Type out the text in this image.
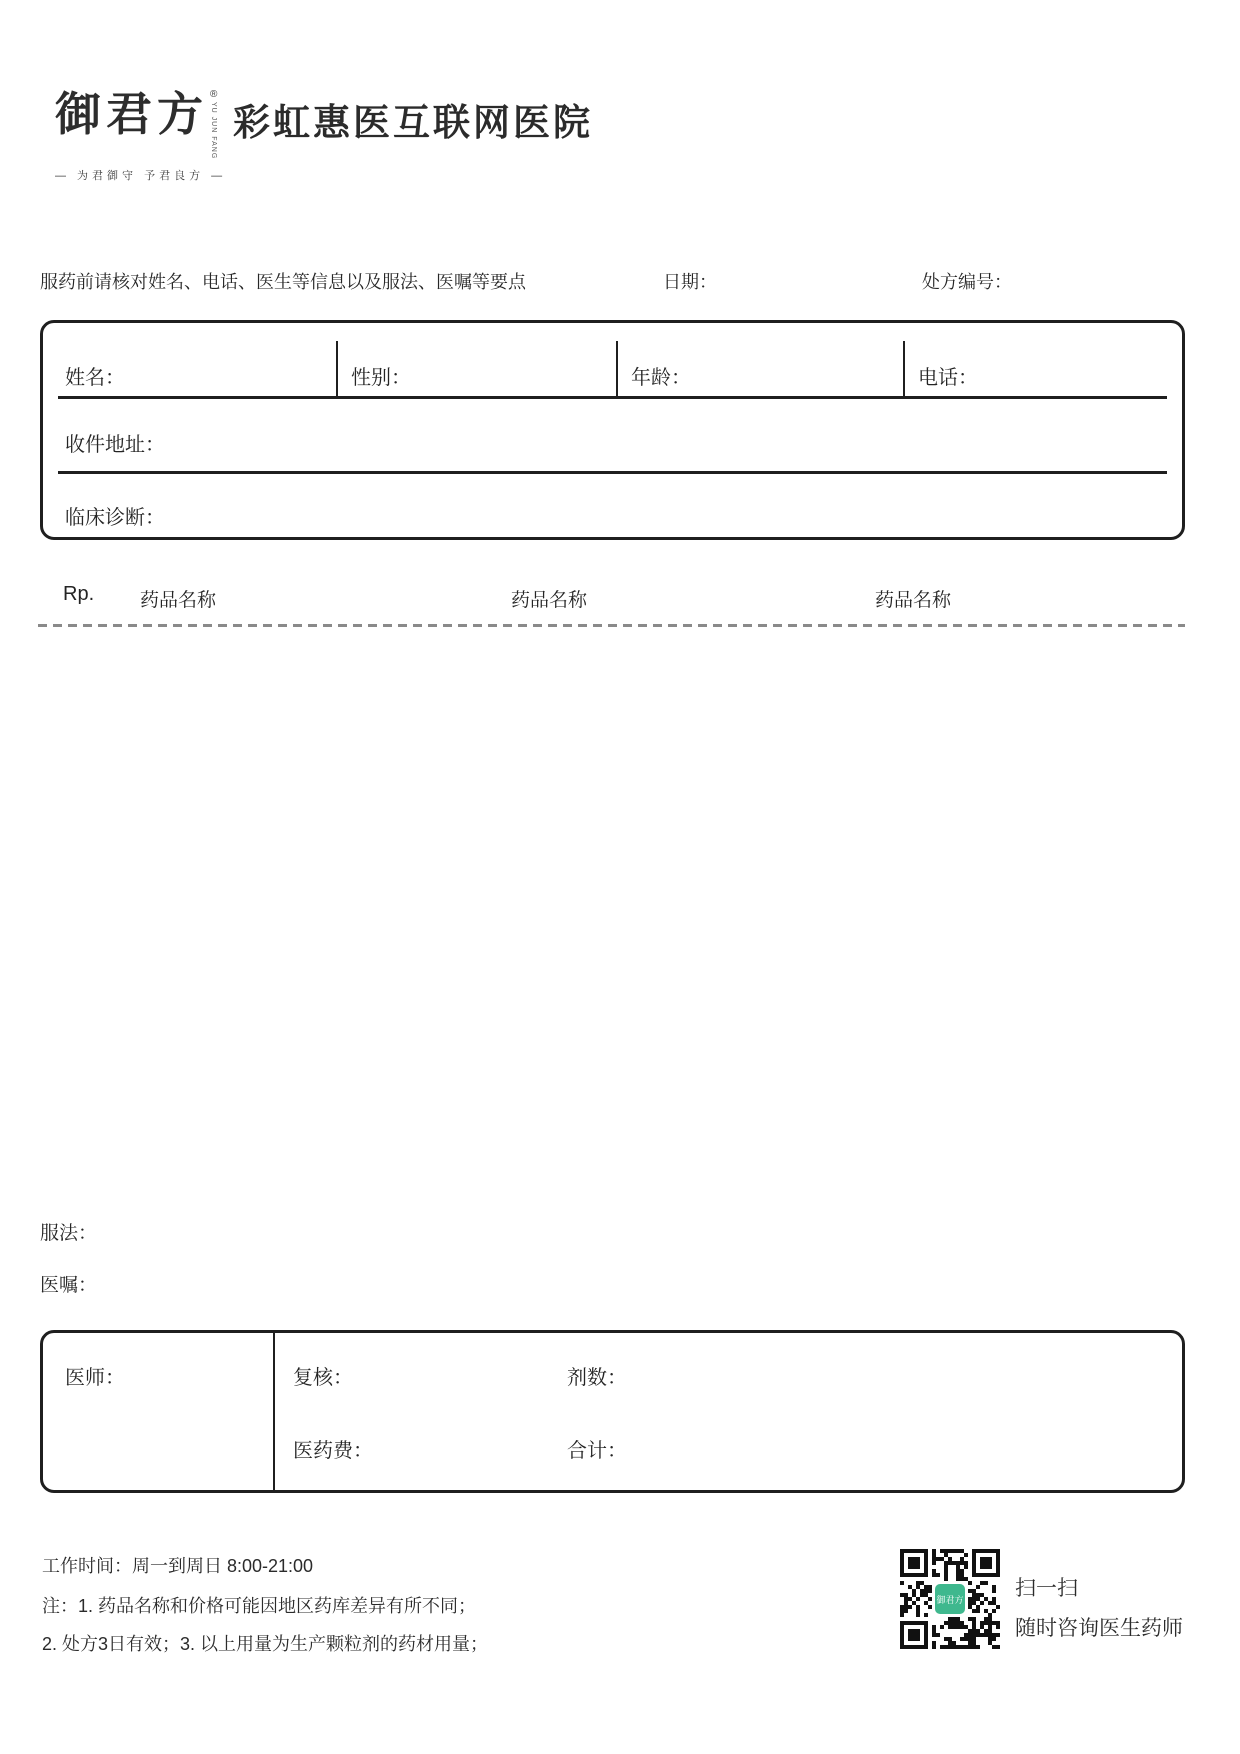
御君方 ®
YU JUN FANG
— 为君御守 予君良方 —
彩虹惠医互联网医院
服药前请核对姓名、电话、医生等信息以及服法、医嘱等要点	日期：	处方编号：
姓名：	性别：	年龄：	电话：
收件地址：
临床诊断：
Rp. 药品名称	药品名称	药品名称
服法：
医嘱：
医师：	复核：	剂数：
医药费：	合计：
工作时间：周一到周日 8:00-21:00
注：1. 药品名称和价格可能因地区药库差异有所不同；
2. 处方3日有效；3. 以上用量为生产颗粒剂的药材用量；
御君方 扫一扫
随时咨询医生药师
